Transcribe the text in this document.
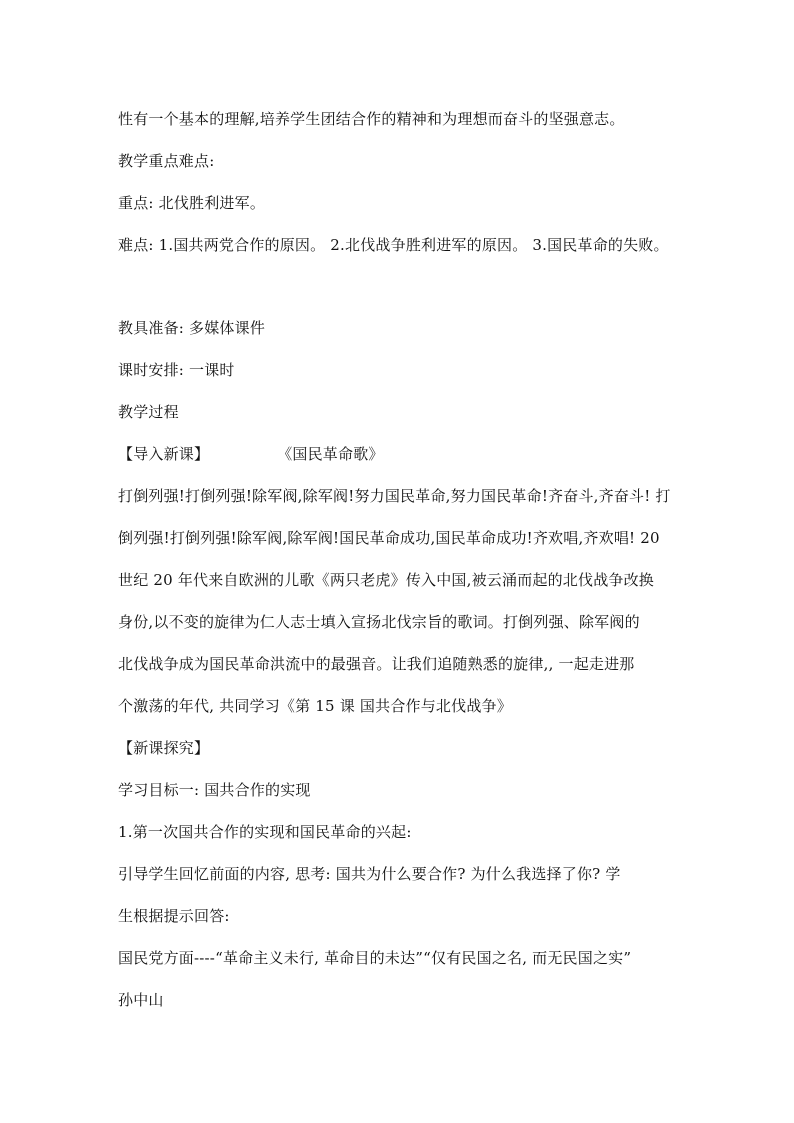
性有一个基本的理解,培养学生团结合作的精神和为理想而奋斗的坚强意志。
教学重点难点:
重点: 北伐胜利进军。
难点: 1.国共两党合作的原因。 2.北伐战争胜利进军的原因。 3.国民革命的失败。
教具准备: 多媒体课件
课时安排: 一课时
教学过程
【导入新课】	《国民革命歌》
打倒列强!打倒列强!除军阀,除军阀!努力国民革命,努力国民革命!齐奋斗,齐奋斗! 打
倒列强!打倒列强!除军阀,除军阀!国民革命成功,国民革命成功!齐欢唱,齐欢唱! 20
世纪 20 年代来自欧洲的儿歌《两只老虎》传入中国,被云涌而起的北伐战争改换
身份,以不变的旋律为仁人志士填入宣扬北伐宗旨的歌词。打倒列强、除军阀的
北伐战争成为国民革命洪流中的最强音。让我们追随熟悉的旋律,, 一起走进那
个激荡的年代, 共同学习《第 15 课 国共合作与北伐战争》
【新课探究】
学习目标一: 国共合作的实现
1.第一次国共合作的实现和国民革命的兴起:
引导学生回忆前面的内容, 思考: 国共为什么要合作? 为什么我选择了你? 学
生根据提示回答:
国民党方面----“革命主义未行, 革命目的未达”“仅有民国之名, 而无民国之实”
孙中山
